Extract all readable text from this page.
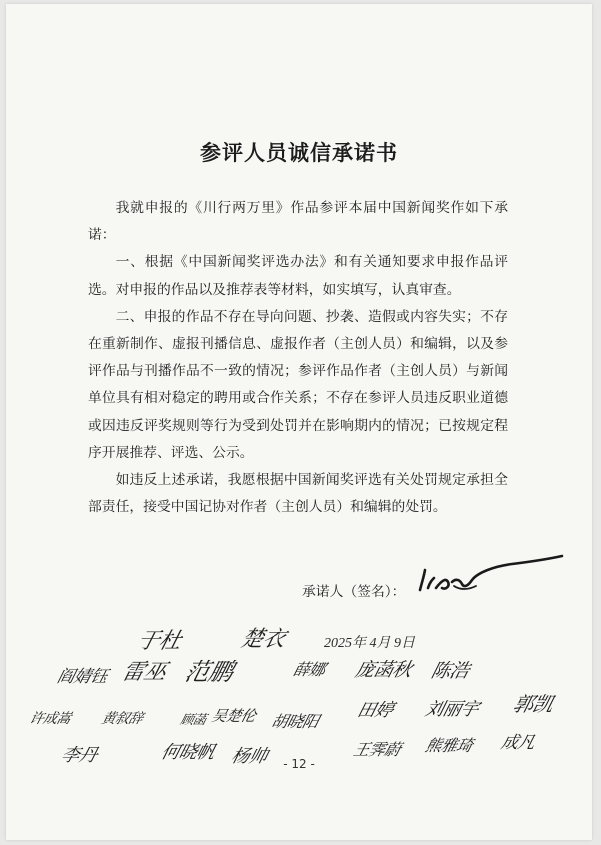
参评人员诚信承诺书

我就申报的《川行两万里》作品参评本届中国新闻奖作如下承诺：

一、根据《中国新闻奖评选办法》和有关通知要求申报作品评选。对申报的作品以及推荐表等材料，如实填写，认真审查。

二、申报的作品不存在导向问题、抄袭、造假或内容失实；不存在重新制作、虚报刊播信息、虚报作者（主创人员）和编辑，以及参评作品与刊播作品不一致的情况；参评作品作者（主创人员）与新闻单位具有相对稳定的聘用或合作关系；不存在参评人员违反职业道德或因违反评奖规则等行为受到处罚并在影响期内的情况；已按规定程序开展推荐、评选、公示。

如违反上述承诺，我愿根据中国新闻奖评选有关处罚规定承担全部责任，接受中国记协对作者（主创人员）和编辑的处罚。

承诺人（签名）：
2025年 4月 9日
于杜 楚衣
阎婧钰 雷巫 范鹏	薛娜 庞菡秋 陈浩
许成嵩 黄叙辞	顾菡 吴楚伦 胡晓阳
田婷 刘丽宇 郭凯
李丹	何晓帆 杨帅	王霁蔚 熊雅琦 成凡
- 12 -
